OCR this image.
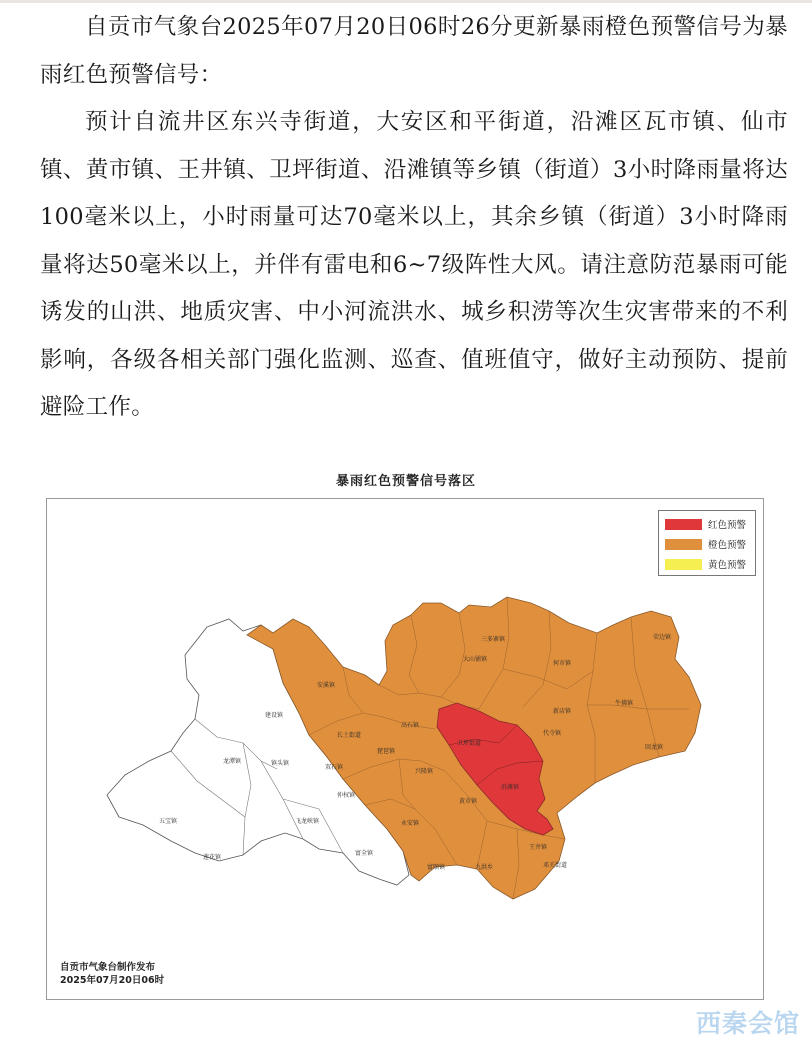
自贡市气象台2025年07月20日06时26分更新暴雨橙色预警信号为暴雨红色预警信号：

预计自流井区东兴寺街道，大安区和平街道，沿滩区瓦市镇、仙市镇、黄市镇、王井镇、卫坪街道、沿滩镇等乡镇（街道）3小时降雨量将达100毫米以上，小时雨量可达70毫米以上，其余乡镇（街道）3小时降雨量将达50毫米以上，并伴有雷电和6~7级阵性大风。请注意防范暴雨可能诱发的山洪、地质灾害、中小河流洪水、城乡积涝等次生灾害带来的不利影响，各级各相关部门强化监测、巡查、值班值守，做好主动预防、提前避险工作。

暴雨红色预警信号落区
五宝镇
莲花镇
龙潭镇	镇头镇
飞龙峡镇
富全镇
双石镇
建设镇
仲权镇
长土街道
何市镇
三多寨镇
大山铺镇
牛佛镇
回龙镇
新店镇
永安镇
九洪乡
王井镇
邓关街道
卫坪街道
沿滩镇
黄市镇
兴隆镇
琵琶镇
富顺镇
代寺镇
荣边镇
安溪镇
高石镇
红色预警
橙色预警
黄色预警
自贡市气象台制作发布
2025年07月20日06时
西秦会馆
